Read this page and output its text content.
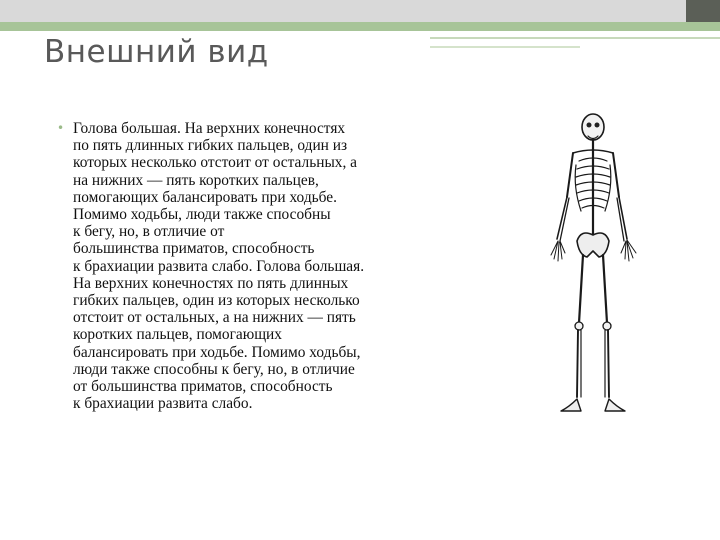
Внешний вид
• Голова большая. На верхних конечностях
по пять длинных гибких пальцев, один из
которых несколько отстоит от остальных, а
на нижних — пять коротких пальцев,
помогающих балансировать при ходьбе.
Помимо ходьбы, люди также способны
к бегу, но, в отличие от
большинства приматов, способность
к брахиации развита слабо. Голова большая.
На верхних конечностях по пять длинных
гибких пальцев, один из которых несколько
отстоит от остальных, а на нижних — пять
коротких пальцев, помогающих
балансировать при ходьбе. Помимо ходьбы,
люди также способны к бегу, но, в отличие
от большинства приматов, способность
к брахиации развита слабо.
